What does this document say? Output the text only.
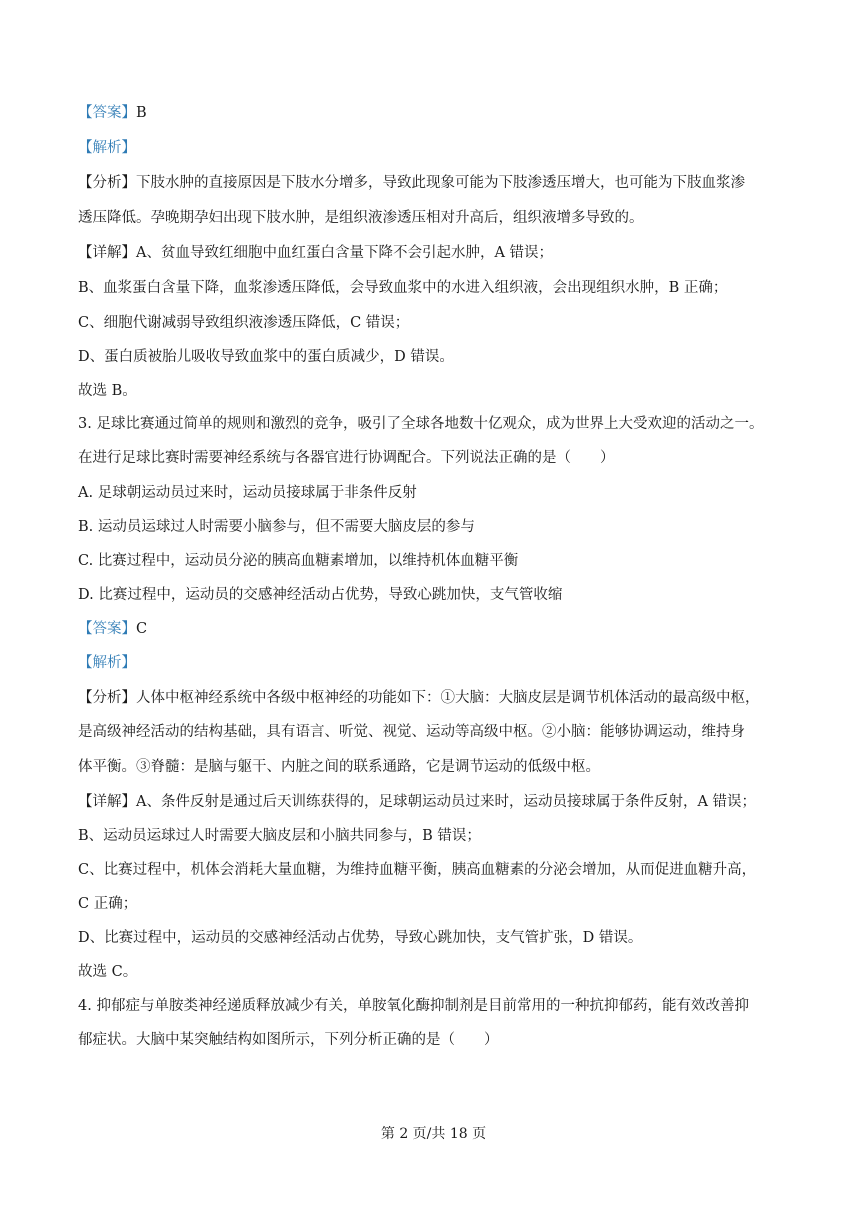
【答案】B
【解析】
【分析】下肢水肿的直接原因是下肢水分增多，导致此现象可能为下肢渗透压增大，也可能为下肢血浆渗
透压降低。孕晚期孕妇出现下肢水肿，是组织液渗透压相对升高后，组织液增多导致的。
【详解】A、贫血导致红细胞中血红蛋白含量下降不会引起水肿，A 错误；
B、血浆蛋白含量下降，血浆渗透压降低，会导致血浆中的水进入组织液，会出现组织水肿，B 正确；
C、细胞代谢减弱导致组织液渗透压降低，C 错误；
D、蛋白质被胎儿吸收导致血浆中的蛋白质减少，D 错误。
故选 B。
3. 足球比赛通过简单的规则和激烈的竞争，吸引了全球各地数十亿观众，成为世界上大受欢迎的活动之一。
在进行足球比赛时需要神经系统与各器官进行协调配合。下列说法正确的是（　　）
A. 足球朝运动员过来时，运动员接球属于非条件反射
B. 运动员运球过人时需要小脑参与，但不需要大脑皮层的参与
C. 比赛过程中，运动员分泌的胰高血糖素增加，以维持机体血糖平衡
D. 比赛过程中，运动员的交感神经活动占优势，导致心跳加快，支气管收缩
【答案】C
【解析】
【分析】人体中枢神经系统中各级中枢神经的功能如下：①大脑：大脑皮层是调节机体活动的最高级中枢，
是高级神经活动的结构基础，具有语言、听觉、视觉、运动等高级中枢。②小脑：能够协调运动，维持身
体平衡。③脊髓：是脑与躯干、内脏之间的联系通路，它是调节运动的低级中枢。
【详解】A、条件反射是通过后天训练获得的，足球朝运动员过来时，运动员接球属于条件反射，A 错误；
B、运动员运球过人时需要大脑皮层和小脑共同参与，B 错误；
C、比赛过程中，机体会消耗大量血糖，为维持血糖平衡，胰高血糖素的分泌会增加，从而促进血糖升高，
C 正确；
D、比赛过程中，运动员的交感神经活动占优势，导致心跳加快，支气管扩张，D 错误。
故选 C。
4. 抑郁症与单胺类神经递质释放减少有关，单胺氧化酶抑制剂是目前常用的一种抗抑郁药，能有效改善抑
郁症状。大脑中某突触结构如图所示，下列分析正确的是（　　）
第 2 页/共 18 页
